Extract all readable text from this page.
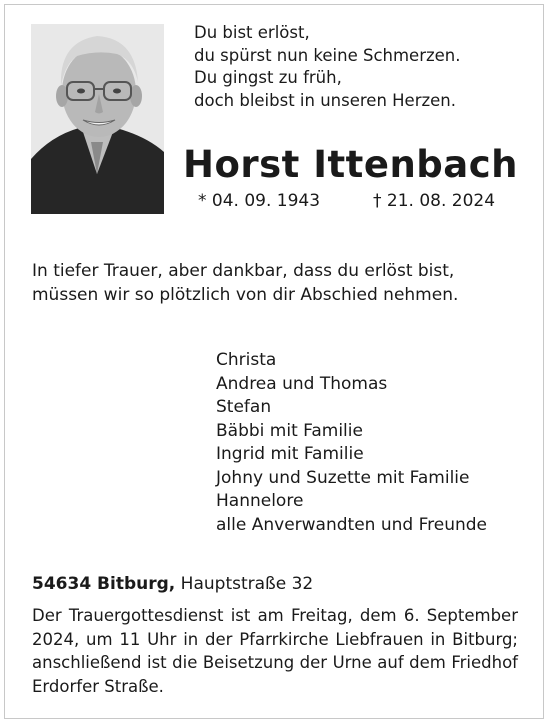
Du bist erlöst,
du spürst nun keine Schmerzen.
Du gingst zu früh,
doch bleibst in unseren Herzen.
Horst Ittenbach
* 04. 09. 1943	† 21. 08. 2024
In tiefer Trauer, aber dankbar, dass du erlöst bist,
müssen wir so plötzlich von dir Abschied nehmen.
Christa
Andrea und Thomas
Stefan
Bäbbi mit Familie
Ingrid mit Familie
Johny und Suzette mit Familie
Hannelore
alle Anverwandten und Freunde
54634 Bitburg, Hauptstraße 32
Der Trauergottesdienst ist am Freitag, dem 6. September 2024, um 11 Uhr in der Pfarrkirche Liebfrauen in Bitburg; anschließend ist die Beisetzung der Urne auf dem Friedhof Erdorfer Straße.
